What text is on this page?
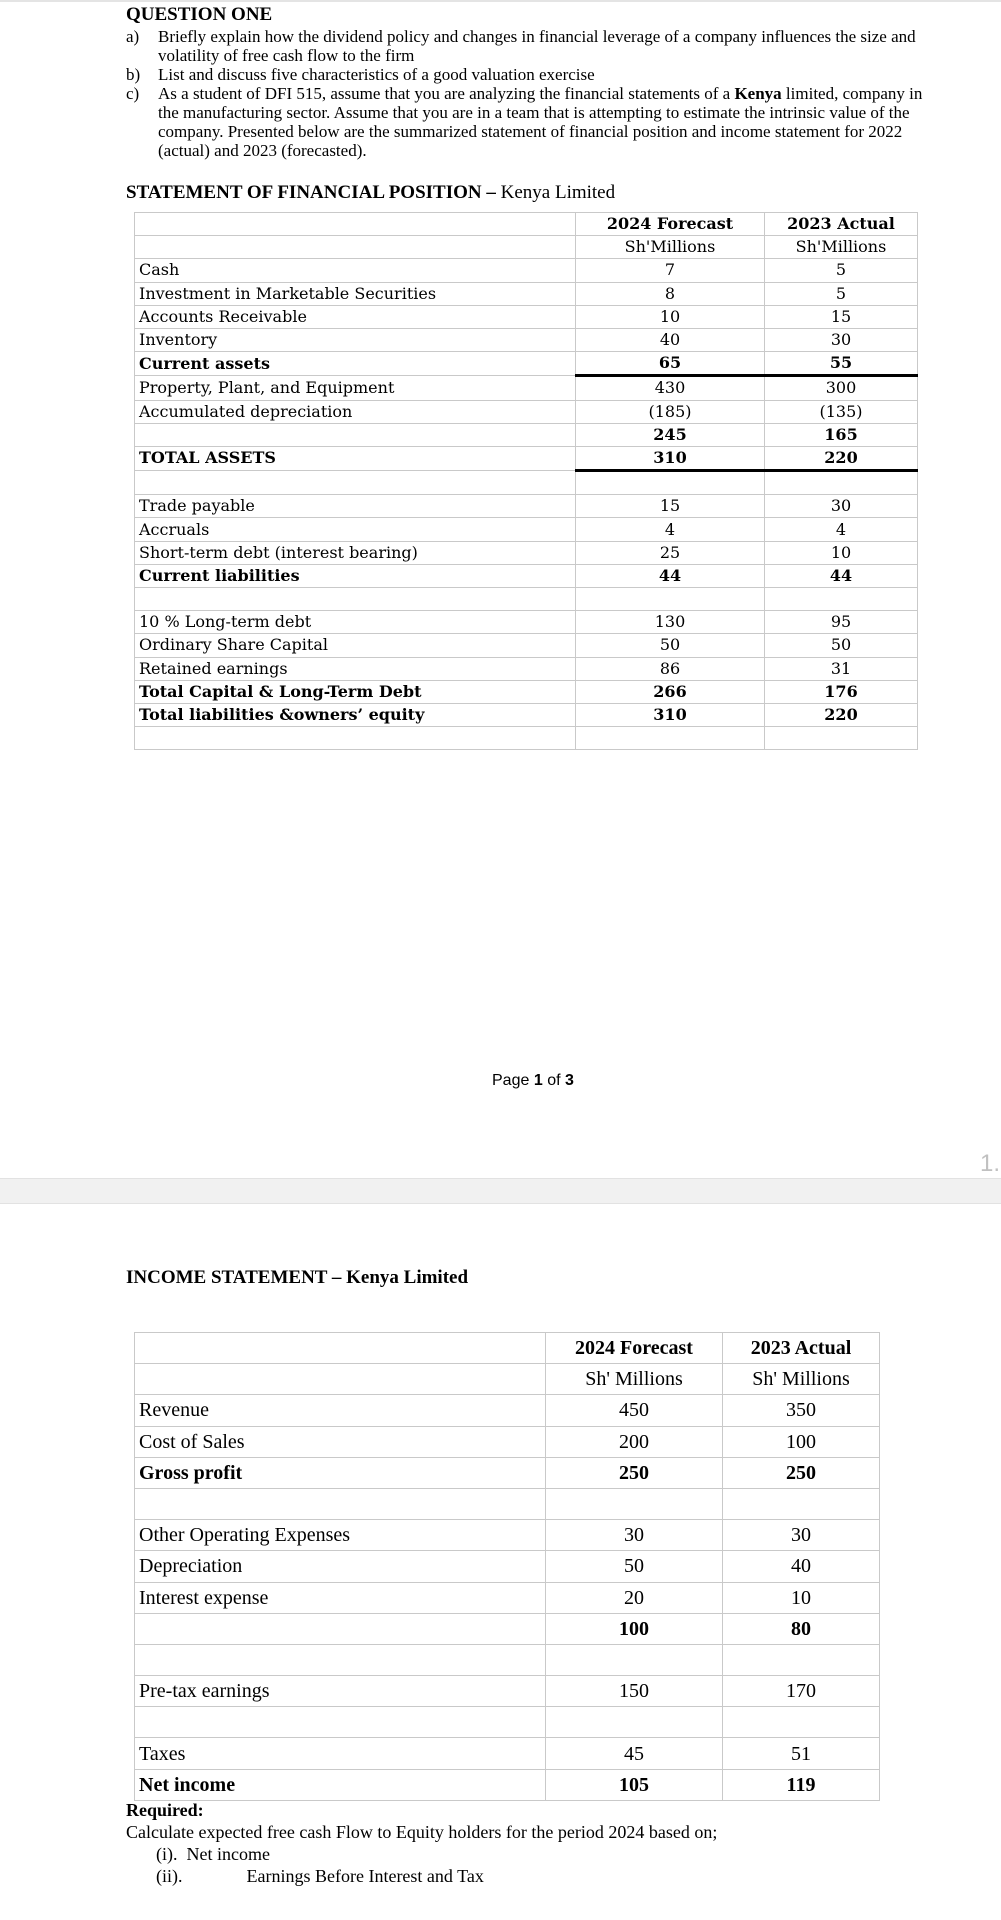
QUESTION ONE
a) Briefly explain how the dividend policy and changes in financial leverage of a company influences the size and volatility of free cash flow to the firm
b) List and discuss five characteristics of a good valuation exercise
c) As a student of DFI 515, assume that you are analyzing the financial statements of a Kenya limited, company in the manufacturing sector. Assume that you are in a team that is attempting to estimate the intrinsic value of the company. Presented below are the summarized statement of financial position and income statement for 2022 (actual) and 2023 (forecasted).
STATEMENT OF FINANCIAL POSITION – Kenya Limited
	2024 Forecast	2023 Actual
	Sh'Millions	Sh'Millions
Cash	7	5
Investment in Marketable Securities	8	5
Accounts Receivable	10	15
Inventory	40	30
Current assets	65	55
Property, Plant, and Equipment	430	300
Accumulated depreciation	(185)	(135)
	245	165
TOTAL ASSETS	310	220

Trade payable	15	30
Accruals	4	4
Short-term debt (interest bearing)	25	10
Current liabilities	44	44

10 % Long-term debt	130	95
Ordinary Share Capital	50	50
Retained earnings	86	31
Total Capital & Long-Term Debt	266	176
Total liabilities &owners’ equity	310	220

Page 1 of 3
1.
INCOME STATEMENT – Kenya Limited
	2024 Forecast	2023 Actual
	Sh' Millions	Sh' Millions
Revenue	450	350
Cost of Sales	200	100
Gross profit	250	250

Other Operating Expenses	30	30
Depreciation	50	40
Interest expense	20	10
	100	80

Pre-tax earnings	150	170

Taxes	45	51
Net income	105	119
Required:
Calculate expected free cash Flow to Equity holders for the period 2024 based on;
(i). Net income
(ii).	Earnings Before Interest and Tax
